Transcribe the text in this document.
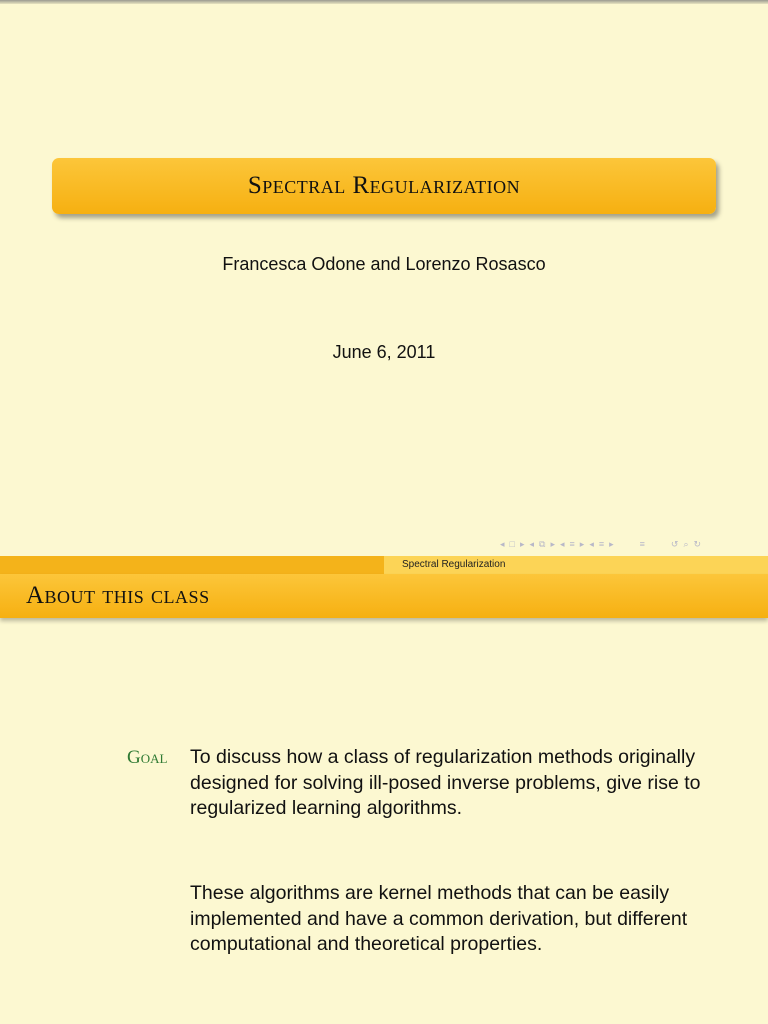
Spectral Regularization
Francesca Odone and Lorenzo Rosasco
June 6, 2011
◂ □ ▸ ◂ ⧉ ▸ ◂ ≡ ▸ ◂ ≡ ▸	≡	↺ ⌕ ↻
Spectral Regularization
About this class
Goal To discuss how a class of regularization methods originally designed for solving ill-posed inverse problems, give rise to regularized learning algorithms.
These algorithms are kernel methods that can be easily implemented and have a common derivation, but different computational and theoretical properties.
